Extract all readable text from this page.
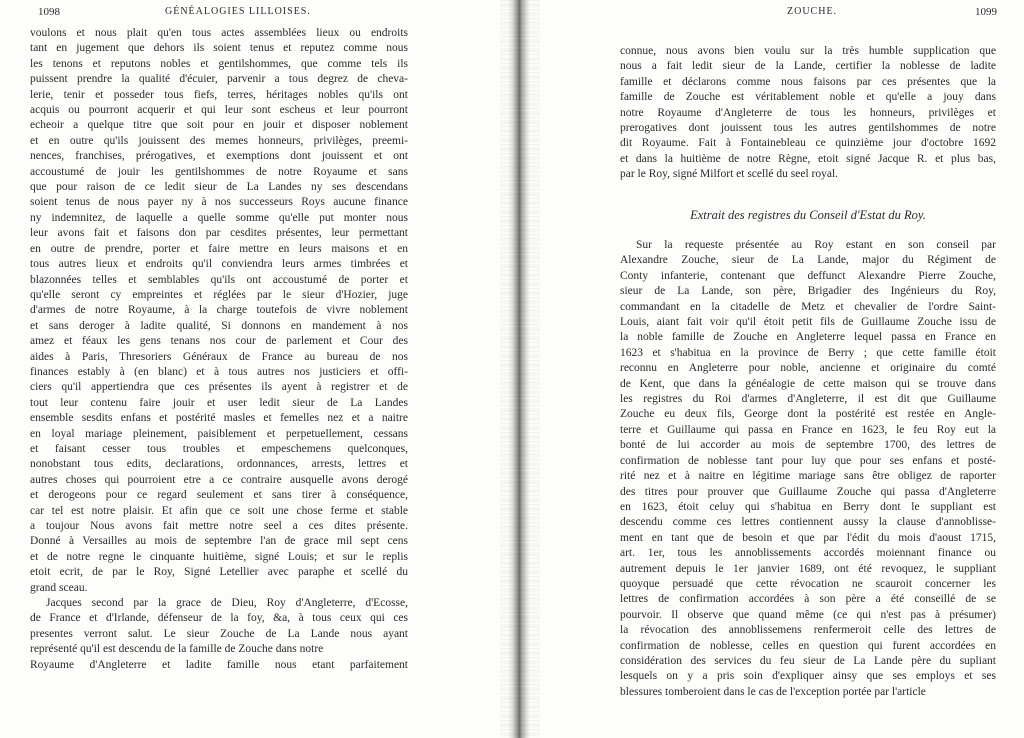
1098	GÉNÉALOGIES LILLOISES.	ZOUCHE.	1099
voulons et nous plait qu'en tous actes assemblées lieux ou endroits
tant en jugement que dehors ils soient tenus et reputez comme nous
les tenons et reputons nobles et gentilshommes, que comme tels ils
puissent prendre la qualité d'écuier, parvenir a tous degrez de cheva-
lerie, tenir et posseder tous fiefs, terres, héritages nobles qu'ils ont
acquis ou pourront acquerir et qui leur sont escheus et leur pourront
echeoir a quelque titre que soit pour en jouir et disposer noblement
et en outre qu'ils jouissent des memes honneurs, privilèges, preemi-
nences, franchises, prérogatives, et exemptions dont jouissent et ont
accoustumé de jouir les gentilshommes de notre Royaume et sans
que pour raison de ce ledit sieur de La Landes ny ses descendans
soient tenus de nous payer ny à nos successeurs Roys aucune finance
ny indemnitez, de laquelle a quelle somme qu'elle put monter nous
leur avons fait et faisons don par cesdites présentes, leur permettant
en outre de prendre, porter et faire mettre en leurs maisons et en
tous autres lieux et endroits qu'il conviendra leurs armes timbrées et
blazonnées telles et semblables qu'ils ont accoustumé de porter et
qu'elle seront cy empreintes et réglées par le sieur d'Hozier, juge
d'armes de notre Royaume, à la charge toutefois de vivre noblement
et sans deroger à ladite qualité, Si donnons en mandement à nos
amez et féaux les gens tenans nos cour de parlement et Cour des
aides à Paris, Thresoriers Généraux de France au bureau de nos
finances estably à (en blanc) et à tous autres nos justiciers et offi-
ciers qu'il appertiendra que ces présentes ils ayent à registrer et de
tout leur contenu faire jouir et user ledit sieur de La Landes
ensemble sesdits enfans et postérité masles et femelles nez et a naitre
en loyal mariage pleinement, paisiblement et perpetuellement, cessans
et faisant cesser tous troubles et empeschemens quelconques,
nonobstant tous edits, declarations, ordonnances, arrests, lettres et
autres choses qui pourroient etre a ce contraire ausquelle avons derogé
et derogeons pour ce regard seulement et sans tirer à conséquence,
car tel est notre plaisir. Et afin que ce soit une chose ferme et stable
a toujour Nous avons fait mettre notre seel a ces dites présente.
Donné à Versailles au mois de septembre l'an de grace mil sept cens
et de notre regne le cinquante huitième, signé Louis; et sur le replis
etoit ecrit, de par le Roy, Signé Letellier avec paraphe et scellé du
grand sceau.
Jacques second par la grace de Dieu, Roy d'Angleterre, d'Ecosse,
de France et d'Irlande, défenseur de la foy, &a, à tous ceux qui ces
presentes verront salut. Le sieur Zouche de La Lande nous ayant
représenté qu'il est descendu de la famille de Zouche dans notre
Royaume d'Angleterre et ladite famille nous etant parfaitement
connue, nous avons bien voulu sur la très humble supplication que
nous a fait ledit sieur de la Lande, certifier la noblesse de ladite
famille et déclarons comme nous faisons par ces présentes que la
famille de Zouche est véritablement noble et qu'elle a jouy dans
notre Royaume d'Angleterre de tous les honneurs, privilèges et
prerogatives dont jouissent tous les autres gentilshommes de notre
dit Royaume. Fait à Fontainebleau ce quinzième jour d'octobre 1692
et dans la huitième de notre Règne, etoit signé Jacque R. et plus bas,
par le Roy, signé Milfort et scellé du seel royal.
Extrait des registres du Conseil d'Estat du Roy.
Sur la requeste présentée au Roy estant en son conseil par
Alexandre Zouche, sieur de La Lande, major du Régiment de
Conty infanterie, contenant que deffunct Alexandre Pierre Zouche,
sieur de La Lande, son père, Brigadier des Ingénieurs du Roy,
commandant en la citadelle de Metz et chevalier de l'ordre Saint-
Louis, aiant fait voir qu'il étoit petit fils de Guillaume Zouche issu de
la noble famille de Zouche en Angleterre lequel passa en France en
1623 et s'habitua en la province de Berry ; que cette famille étoit
reconnu en Angleterre pour noble, ancienne et originaire du comté
de Kent, que dans la généalogie de cette maison qui se trouve dans
les registres du Roi d'armes d'Angleterre, il est dit que Guillaume
Zouche eu deux fils, George dont la postérité est restée en Angle-
terre et Guillaume qui passa en France en 1623, le feu Roy eut la
bonté de lui accorder au mois de septembre 1700, des lettres de
confirmation de noblesse tant pour luy que pour ses enfans et posté-
rité nez et à naitre en légitime mariage sans être obligez de raporter
des titres pour prouver que Guillaume Zouche qui passa d'Angleterre
en 1623, étoit celuy qui s'habitua en Berry dont le suppliant est
descendu comme ces lettres contiennent aussy la clause d'annoblisse-
ment en tant que de besoin et que par l'édit du mois d'aoust 1715,
art. 1er, tous les annoblissements accordés moiennant finance ou
autrement depuis le 1er janvier 1689, ont été revoquez, le suppliant
quoyque persuadé que cette révocation ne scauroit concerner les
lettres de confirmation accordées à son père a été conseillé de se
pourvoir. Il observe que quand même (ce qui n'est pas à présumer)
la révocation des annoblissemens renfermeroit celle des lettres de
confirmation de noblesse, celles en question qui furent accordées en
considération des services du feu sieur de La Lande père du supliant
lesquels on y a pris soin d'expliquer ainsy que ses employs et ses
blessures tomberoient dans le cas de l'exception portée par l'article
